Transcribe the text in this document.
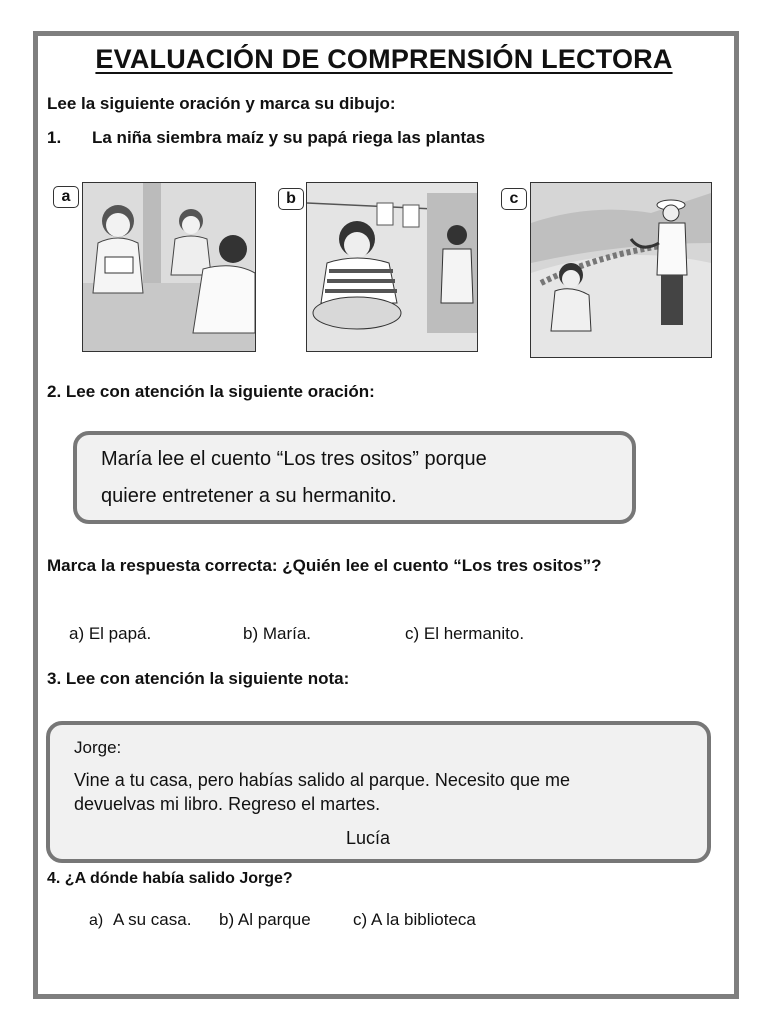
EVALUACIÓN DE COMPRENSIÓN LECTORA
Lee la siguiente oración y marca su dibujo:
1. La niña siembra maíz y su papá riega las plantas
a	b	c
2. Lee con atención la siguiente oración:
María lee el cuento “Los tres ositos” porque
quiere entretener a su hermanito.
Marca la respuesta correcta: ¿Quién lee el cuento “Los tres ositos”?
a) El papá.	b) María.	c) El hermanito.
3. Lee con atención la siguiente nota:
Jorge:
Vine a tu casa, pero habías salido al parque. Necesito que me
devuelvas mi libro. Regreso el martes.
Lucía
4. ¿A dónde había salido Jorge?
a) A su casa. b) Al parque c) A la biblioteca
